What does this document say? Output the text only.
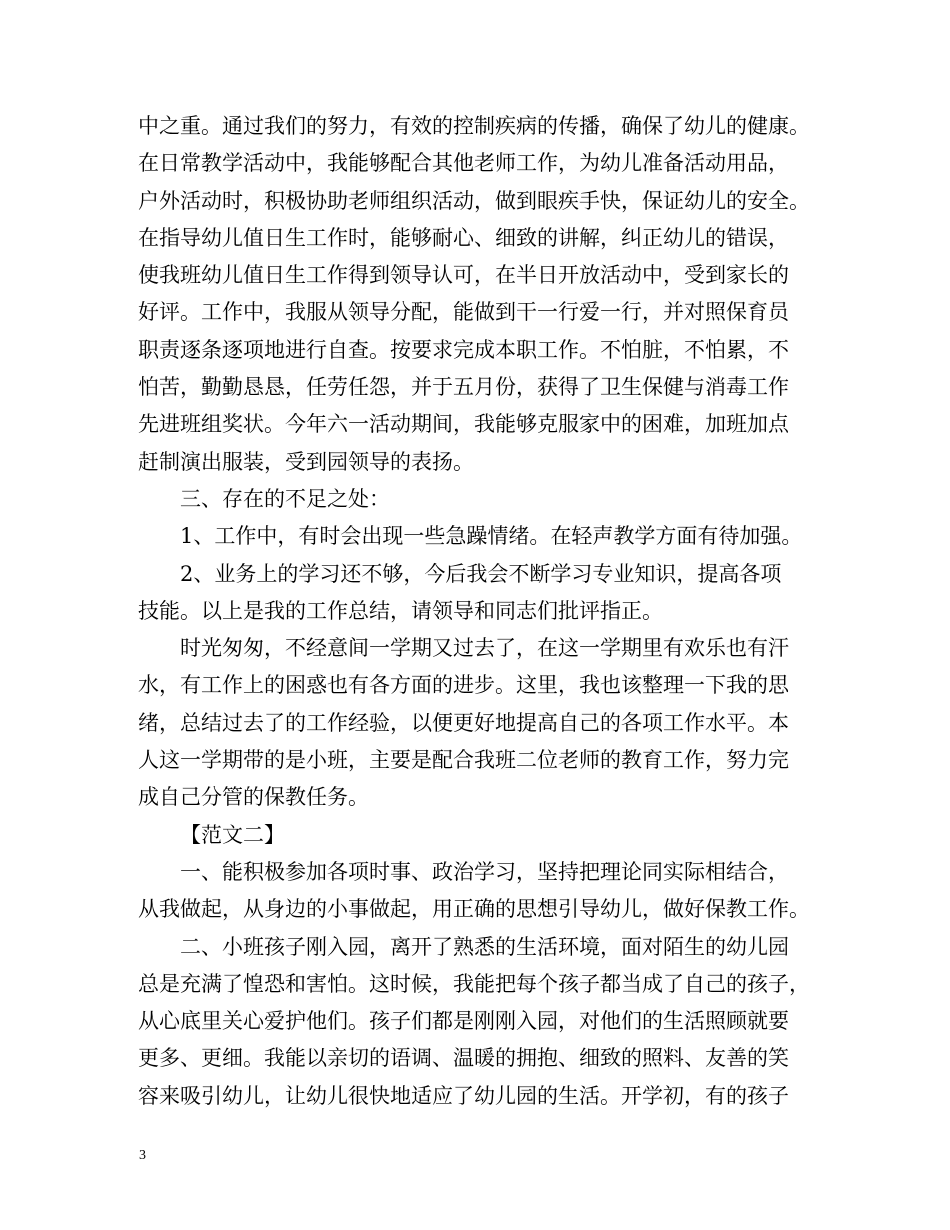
中之重。通过我们的努力，有效的控制疾病的传播，确保了幼儿的健康。
在日常教学活动中，我能够配合其他老师工作，为幼儿准备活动用品，
户外活动时，积极协助老师组织活动，做到眼疾手快，保证幼儿的安全。
在指导幼儿值日生工作时，能够耐心、细致的讲解，纠正幼儿的错误，
使我班幼儿值日生工作得到领导认可，在半日开放活动中，受到家长的
好评。工作中，我服从领导分配，能做到干一行爱一行，并对照保育员
职责逐条逐项地进行自查。按要求完成本职工作。不怕脏，不怕累，不
怕苦，勤勤恳恳，任劳任怨，并于五月份，获得了卫生保健与消毒工作
先进班组奖状。今年六一活动期间，我能够克服家中的困难，加班加点
赶制演出服装，受到园领导的表扬。
三、存在的不足之处：
1、工作中，有时会出现一些急躁情绪。在轻声教学方面有待加强。
2、业务上的学习还不够，今后我会不断学习专业知识，提高各项
技能。以上是我的工作总结，请领导和同志们批评指正。
时光匆匆，不经意间一学期又过去了，在这一学期里有欢乐也有汗
水，有工作上的困惑也有各方面的进步。这里，我也该整理一下我的思
绪，总结过去了的工作经验，以便更好地提高自己的各项工作水平。本
人这一学期带的是小班，主要是配合我班二位老师的教育工作，努力完
成自己分管的保教任务。
【范文二】
一、能积极参加各项时事、政治学习，坚持把理论同实际相结合，
从我做起，从身边的小事做起，用正确的思想引导幼儿，做好保教工作。
二、小班孩子刚入园，离开了熟悉的生活环境，面对陌生的幼儿园
总是充满了惶恐和害怕。这时候，我能把每个孩子都当成了自己的孩子，
从心底里关心爱护他们。孩子们都是刚刚入园，对他们的生活照顾就要
更多、更细。我能以亲切的语调、温暖的拥抱、细致的照料、友善的笑
容来吸引幼儿，让幼儿很快地适应了幼儿园的生活。开学初，有的孩子
3
